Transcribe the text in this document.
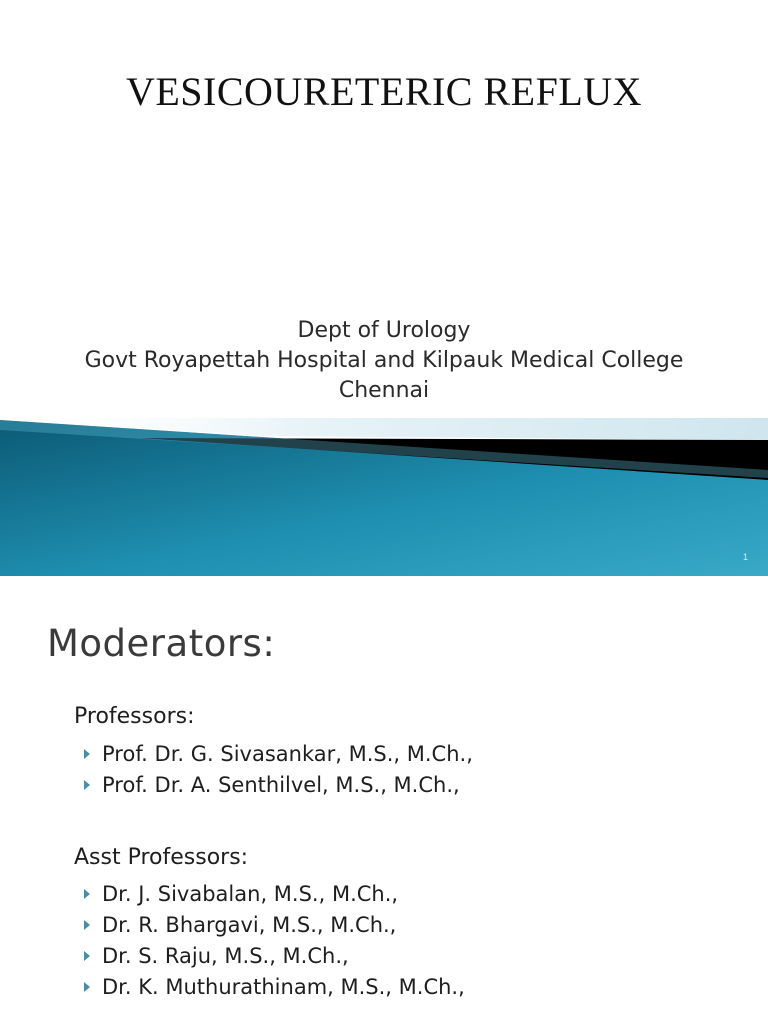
VESICOURETERIC REFLUX
Dept of Urology
Govt Royapettah Hospital and Kilpauk Medical College
Chennai
1
Moderators:
Professors:
Prof. Dr. G. Sivasankar, M.S., M.Ch.,
Prof. Dr. A. Senthilvel, M.S., M.Ch.,
Asst Professors:
Dr. J. Sivabalan, M.S., M.Ch.,
Dr. R. Bhargavi, M.S., M.Ch.,
Dr. S. Raju, M.S., M.Ch.,
Dr. K. Muthurathinam, M.S., M.Ch.,
